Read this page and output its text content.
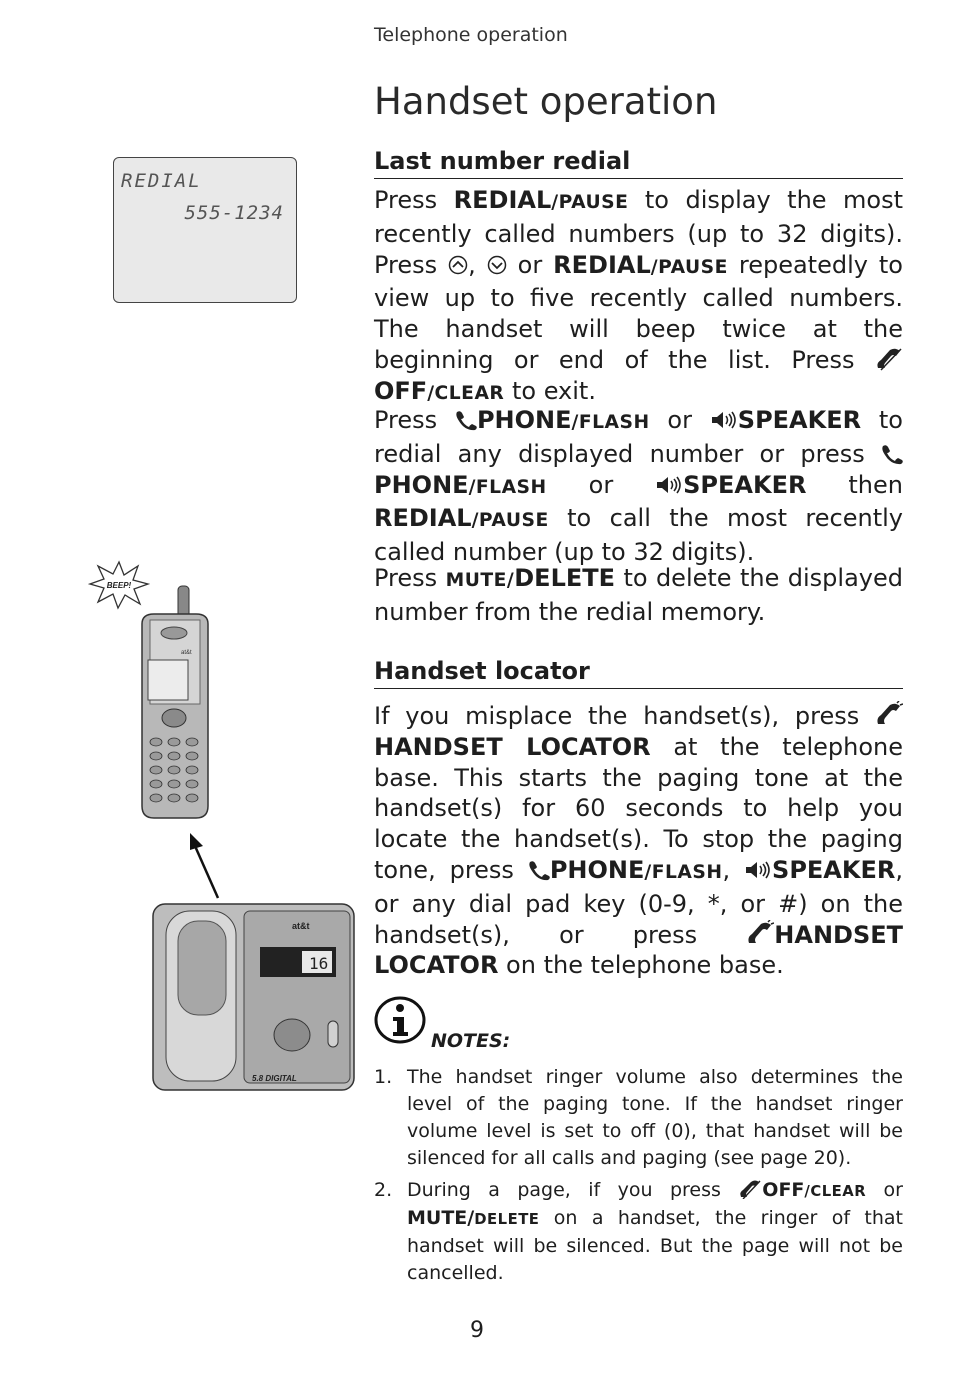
Telephone operation
Handset operation
REDIAL
555-1234
BEEP!
at&t
at&t
16
5.8 DIGITAL
Last number redial

Press REDIAL/PAUSE to display the most recently called numbers (up to 32 digits). Press ,  or REDIAL/PAUSE repeatedly to view up to five recently called numbers. The handset will beep twice at the beginning or end of the list. Press OFF/CLEAR to exit.

Press PHONE/FLASH or SPEAKER to redial any displayed number or press PHONE/FLASH or SPEAKER then REDIAL/PAUSE to call the most recently called number (up to 32 digits).

Press MUTE/DELETE to delete the displayed number from the redial memory.

Handset locator

If you misplace the handset(s), press HANDSET LOCATOR at the telephone base. This starts the paging tone at the handset(s) for 60 seconds to help you locate the handset(s). To stop the paging tone, press PHONE/FLASH, SPEAKER, or any dial pad key (0-9, *, or #) on the handset(s), or press HANDSET LOCATOR on the telephone base.

NOTES:
1. The handset ringer volume also determines the level of the paging tone. If the handset ringer volume level is set to off (0), that handset will be silenced for all calls and paging (see page 20).
2. During a page, if you press OFF/CLEAR or MUTE/DELETE on a handset, the ringer of that handset will be silenced. But the page will not be cancelled.
9
